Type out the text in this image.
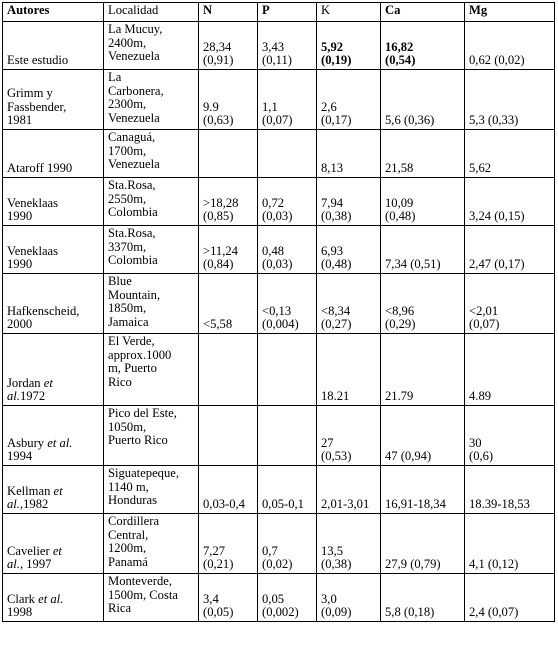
Autores	Localidad	N	P	K	Ca	Mg

Este estudio	La Mucuy,
2400m,
Venezuela	28,34
(0,91)	3,43
(0,11)	5,92
(0,19)	16,82
(0,54)	0,62 (0,02)

Grimm y
Fassbender,
1981	La
Carbonera,
2300m,
Venezuela	9.9
(0,63)	1,1
(0,07)	2,6
(0,17)	5,6 (0,36)	5,3 (0,33)

Ataroff 1990	Canaguá,
1700m,
Venezuela			8,13	21,58	5,62

Veneklaas
1990	Sta.Rosa,
2550m,
Colombia	>18,28
(0,85)	0,72
(0,03)	7,94
(0,38)	10,09
(0,48)	3,24 (0,15)

Veneklaas
1990	Sta.Rosa,
3370m,
Colombia	>11,24
(0,84)	0,48
(0,03)	6,93
(0,48)	7,34 (0,51)	2,47 (0,17)

Hafkenscheid,
2000	Blue
Mountain,
1850m,
Jamaica	<5,58	<0,13
(0,004)	<8,34
(0,27)	<8,96
(0,29)	<2,01
(0,07)

Jordan et
al.1972	El Verde,
approx.1000
m, Puerto
Rico			18.21	21.79	4.89

Asbury et al.
1994	Pico del Este,
1050m,
Puerto Rico			27
(0,53)	47 (0,94)	30
(0,6)

Kellman et
al.,1982	Siguatepeque,
1140 m,
Honduras	0,03-0,4	0,05-0,1	2,01-3,01	16,91-18,34	18.39-18,53

Cavelier et
al., 1997	Cordillera
Central,
1200m,
Panamá	7,27
(0,21)	0,7
(0,02)	13,5
(0,38)	27,9 (0,79)	4,1 (0,12)

Clark et al.
1998	Monteverde,
1500m, Costa
Rica	3,4
(0,05)	0,05
(0,002)	3,0
(0,09)	5,8 (0,18)	2,4 (0,07)
